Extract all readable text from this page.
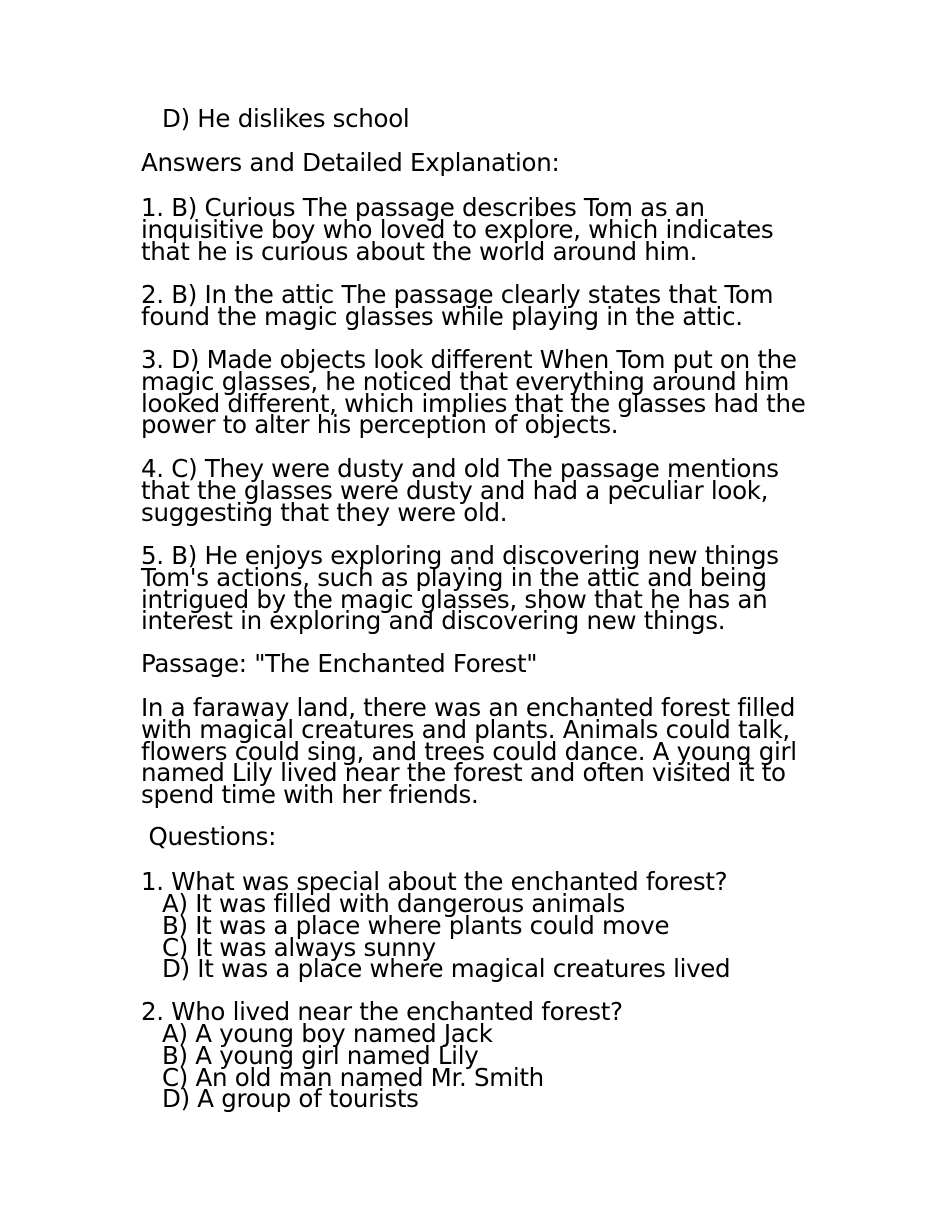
D) He dislikes school

Answers and Detailed Explanation:

1. B) Curious The passage describes Tom as an
inquisitive boy who loved to explore, which indicates
that he is curious about the world around him.
2. B) In the attic The passage clearly states that Tom
found the magic glasses while playing in the attic.
3. D) Made objects look different When Tom put on the
magic glasses, he noticed that everything around him
looked different, which implies that the glasses had the
power to alter his perception of objects.
4. C) They were dusty and old The passage mentions
that the glasses were dusty and had a peculiar look,
suggesting that they were old.
5. B) He enjoys exploring and discovering new things
Tom's actions, such as playing in the attic and being
intrigued by the magic glasses, show that he has an
interest in exploring and discovering new things.

Passage: "The Enchanted Forest"

In a faraway land, there was an enchanted forest filled
with magical creatures and plants. Animals could talk,
flowers could sing, and trees could dance. A young girl
named Lily lived near the forest and often visited it to
spend time with her friends.

Questions:

1. What was special about the enchanted forest?

A) It was filled with dangerous animals
B) It was a place where plants could move
C) It was always sunny
D) It was a place where magical creatures lived

2. Who lived near the enchanted forest?

A) A young boy named Jack
B) A young girl named Lily
C) An old man named Mr. Smith
D) A group of tourists
